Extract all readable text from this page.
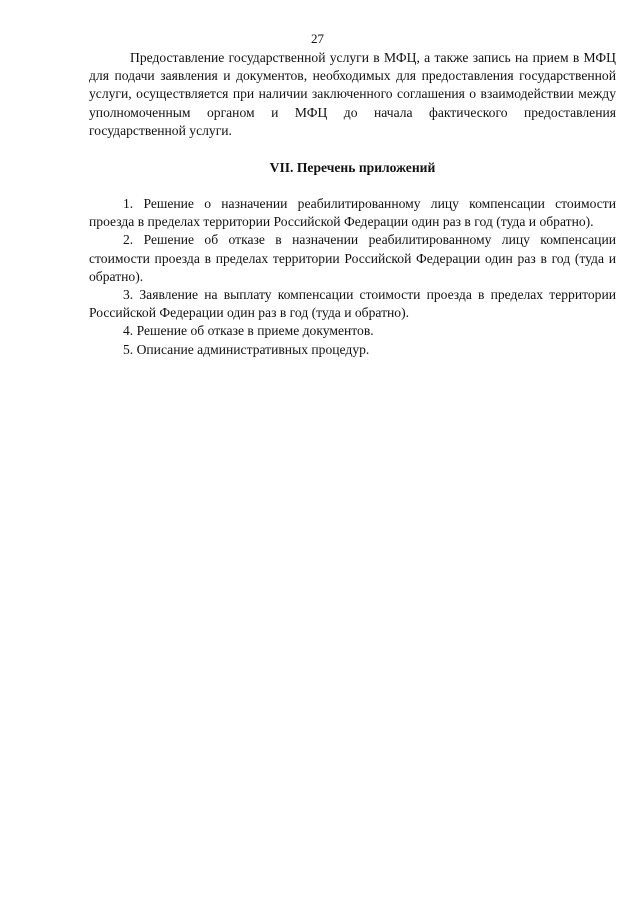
27

Предоставление государственной услуги в МФЦ, а также запись на прием в МФЦ для подачи заявления и документов, необходимых для предоставления государственной услуги, осуществляется при наличии заключенного соглашения о взаимодействии между уполномоченным органом и МФЦ до начала фактического предоставления государственной услуги.

VII. Перечень приложений

1. Решение о назначении реабилитированному лицу компенсации стоимости проезда в пределах территории Российской Федерации один раз в год (туда и обратно).

2. Решение об отказе в назначении реабилитированному лицу компенсации стоимости проезда в пределах территории Российской Федерации один раз в год (туда и обратно).

3. Заявление на выплату компенсации стоимости проезда в пределах территории Российской Федерации один раз в год (туда и обратно).

4. Решение об отказе в приеме документов.

5. Описание административных процедур.
